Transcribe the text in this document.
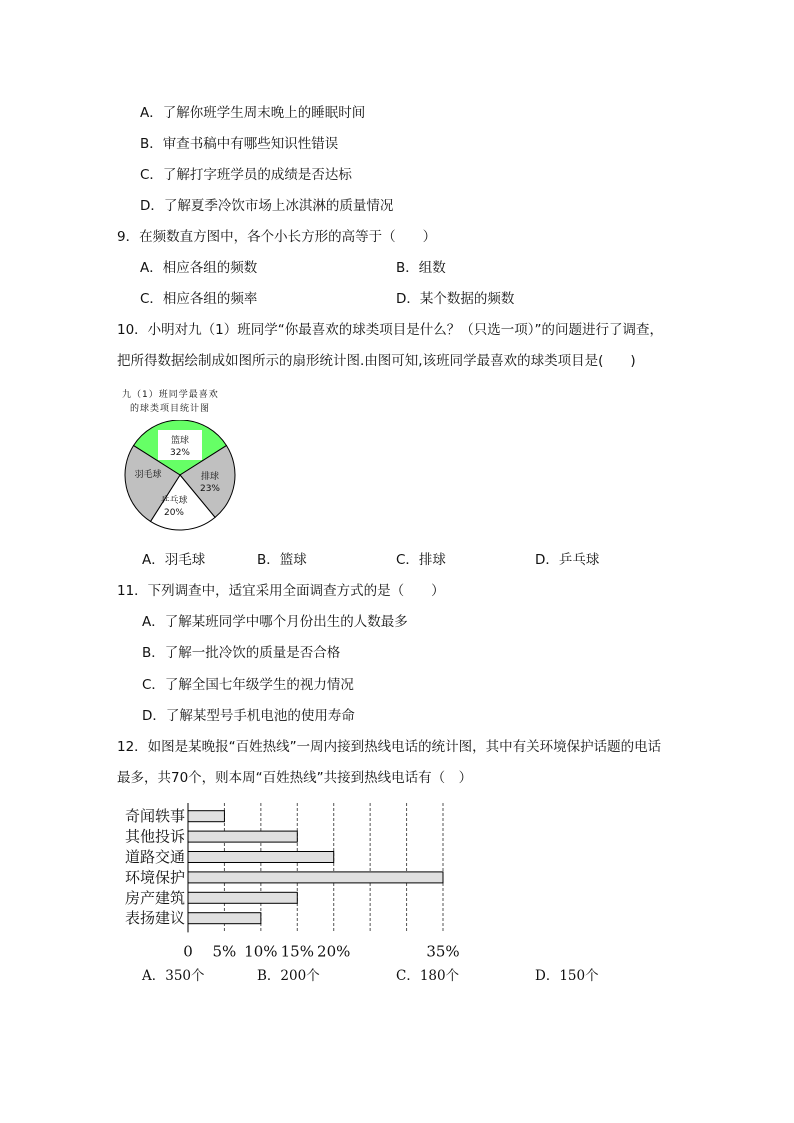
A．了解你班学生周末晚上的睡眠时间
B．审查书稿中有哪些知识性错误
C．了解打字班学员的成绩是否达标
D．了解夏季冷饮市场上冰淇淋的质量情况
9．在频数直方图中，各个小长方形的高等于（　　）
A．相应各组的频数	B．组数
C．相应各组的频率	D．某个数据的频数
10．小明对九（1）班同学“你最喜欢的球类项目是什么？（只选一项）”的问题进行了调查，
把所得数据绘制成如图所示的扇形统计图.由图可知,该班同学最喜欢的球类项目是(　　)
九（1）班同学最喜欢
的球类项目统计图
篮球
32%
排球
23%
乒乓球
20%
羽毛球
A．羽毛球	B．篮球	C．排球	D．乒乓球
11．下列调查中，适宜采用全面调查方式的是（　　）
A．了解某班同学中哪个月份出生的人数最多
B．了解一批冷饮的质量是否合格
C．了解全国七年级学生的视力情况
D．了解某型号手机电池的使用寿命
12．如图是某晚报“百姓热线”一周内接到热线电话的统计图，其中有关环境保护话题的电话
最多，共70个，则本周“百姓热线”共接到热线电话有（　）
奇闻轶事
其他投诉
道路交通
环境保护
房产建筑
表扬建议
0 5% 10% 15% 20%	35%
A．350个	B．200个	C．180个	D．150个
